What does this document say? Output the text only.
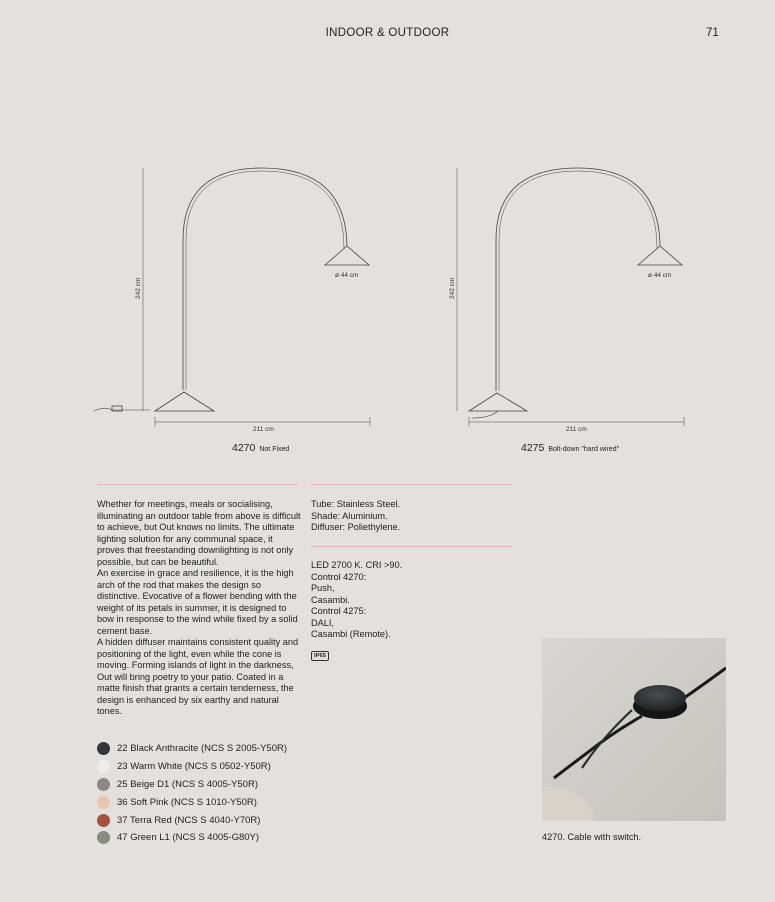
INDOOR & OUTDOOR	71
242 cm
ø 44 cm
211 cm
242 cm
ø 44 cm
211 cm
4270 Not Fixed	4275 Bolt-down "hard wired"

Whether for meetings, meals or socialising, illuminating an outdoor table from above is difficult to achieve, but Out knows no limits. The ultimate lighting solution for any communal space, it proves that freestanding downlighting is not only possible, but can be beautiful.

An exercise in grace and resilience, it is the high arch of the rod that makes the design so distinctive. Evocative of a flower bending with the weight of its petals in summer, it is designed to bow in response to the wind while fixed by a solid cement base.

A hidden diffuser maintains consistent quality and positioning of the light, even while the cone is moving. Forming islands of light in the darkness, Out will bring poetry to your patio. Coated in a matte finish that grants a certain tenderness, the design is enhanced by six earthy and natural tones.

Tube: Stainless Steel.
Shade: Aluminium.
Diffuser: Poliethylene.
LED 2700 K. CRI >90.
Control 4270:
Push,
Casambi.
Control 4275:
DALI,
Casambi (Remote).
IP65
22 Black Anthracite (NCS S 2005-Y50R)
23 Warm White (NCS S 0502-Y50R)
25 Beige D1 (NCS S 4005-Y50R)
36 Soft Pink (NCS S 1010-Y50R)
37 Terra Red (NCS S 4040-Y70R)
47 Green L1 (NCS S 4005-G80Y)	4270. Cable with switch.
